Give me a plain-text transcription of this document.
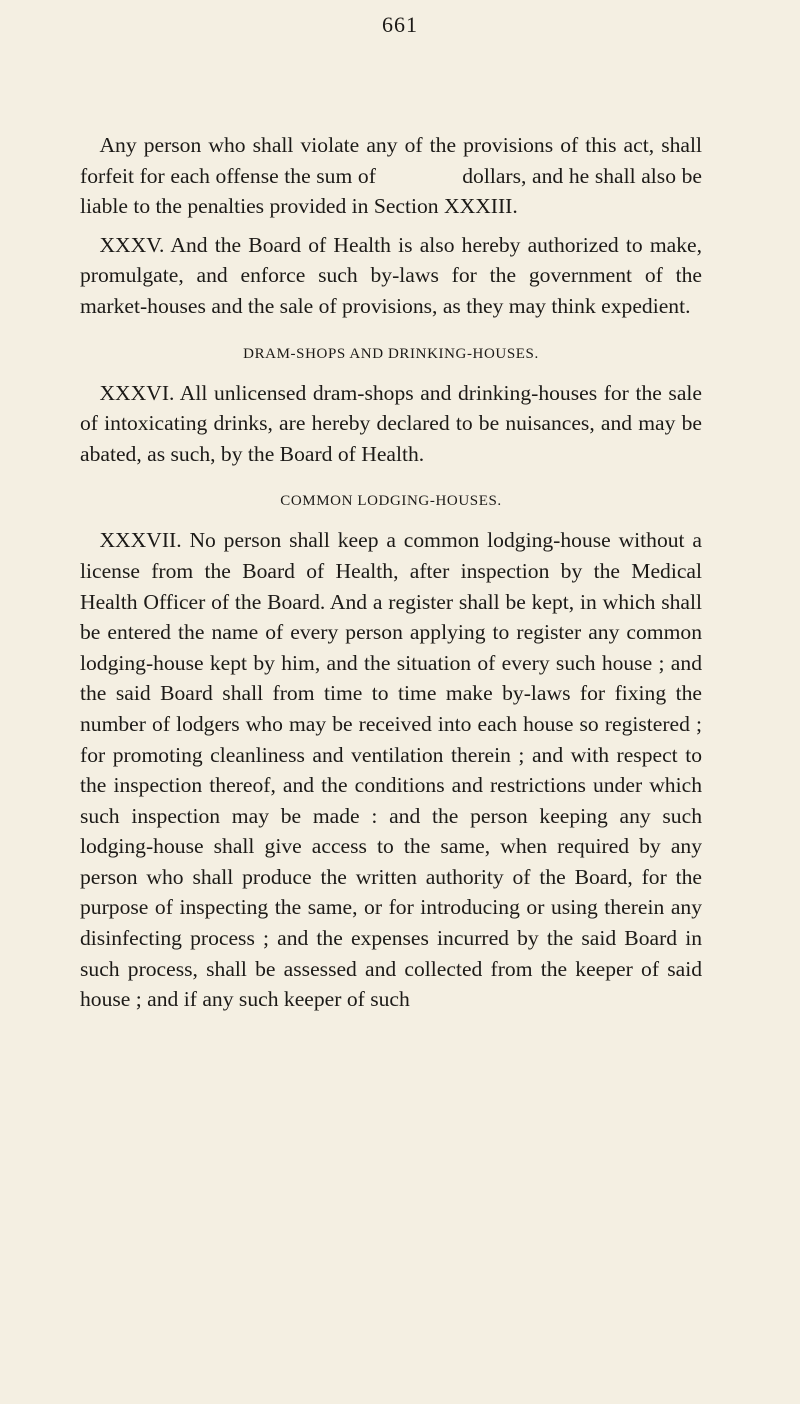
661

Any person who shall violate any of the provisions of this act, shall forfeit for each offense the sum of    dollars, and he shall also be liable to the penalties provided in Section XXXIII.

XXXV. And the Board of Health is also hereby authorized to make, promulgate, and enforce such by-laws for the government of the market-houses and the sale of provisions, as they may think expedient.

DRAM-SHOPS AND DRINKING-HOUSES.

XXXVI. All unlicensed dram-shops and drinking-houses for the sale of intoxicating drinks, are hereby declared to be nuisances, and may be abated, as such, by the Board of Health.

COMMON LODGING-HOUSES.

XXXVII. No person shall keep a common lodging-house without a license from the Board of Health, after inspection by the Medical Health Officer of the Board. And a register shall be kept, in which shall be entered the name of every person applying to register any common lodging-house kept by him, and the situation of every such house ; and the said Board shall from time to time make by-laws for fixing the number of lodgers who may be received into each house so registered ; for promoting cleanliness and ventilation therein ; and with respect to the inspection thereof, and the conditions and restrictions under which such inspection may be made : and the person keeping any such lodging-house shall give access to the same, when required by any person who shall produce the written authority of the Board, for the purpose of inspecting the same, or for introducing or using therein any disinfecting process ; and the expenses incurred by the said Board in such process, shall be assessed and collected from the keeper of said house ; and if any such keeper of such
